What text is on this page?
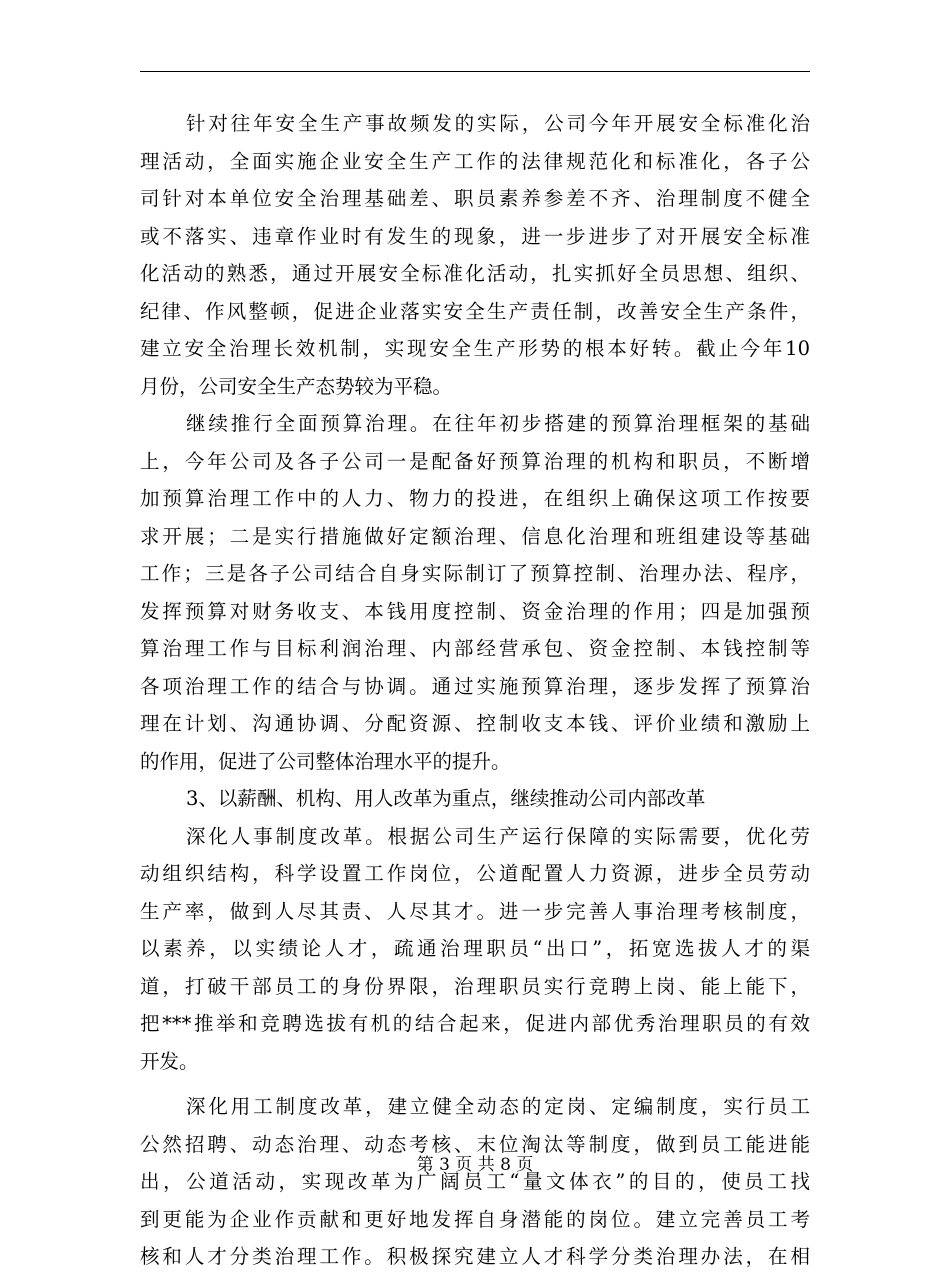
针对往年安全生产事故频发的实际，公司今年开展安全标准化治
理活动，全面实施企业安全生产工作的法律规范化和标准化，各子公
司针对本单位安全治理基础差、职员素养参差不齐、治理制度不健全
或不落实、违章作业时有发生的现象，进一步进步了对开展安全标准
化活动的熟悉，通过开展安全标准化活动，扎实抓好全员思想、组织、
纪律、作风整顿，促进企业落实安全生产责任制，改善安全生产条件，
建立安全治理长效机制，实现安全生产形势的根本好转。截止今年10
月份，公司安全生产态势较为平稳。
继续推行全面预算治理。在往年初步搭建的预算治理框架的基础
上，今年公司及各子公司一是配备好预算治理的机构和职员，不断增
加预算治理工作中的人力、物力的投进，在组织上确保这项工作按要
求开展；二是实行措施做好定额治理、信息化治理和班组建设等基础
工作；三是各子公司结合自身实际制订了预算控制、治理办法、程序，
发挥预算对财务收支、本钱用度控制、资金治理的作用；四是加强预
算治理工作与目标利润治理、内部经营承包、资金控制、本钱控制等
各项治理工作的结合与协调。通过实施预算治理，逐步发挥了预算治
理在计划、沟通协调、分配资源、控制收支本钱、评价业绩和激励上
的作用，促进了公司整体治理水平的提升。
3、以薪酬、机构、用人改革为重点，继续推动公司内部改革
深化人事制度改革。根据公司生产运行保障的实际需要，优化劳
动组织结构，科学设置工作岗位，公道配置人力资源，进步全员劳动
生产率，做到人尽其责、人尽其才。进一步完善人事治理考核制度，
以素养，以实绩论人才，疏通治理职员“出口”，拓宽选拔人才的渠
道，打破干部员工的身份界限，治理职员实行竞聘上岗、能上能下，
把***推举和竞聘选拔有机的结合起来，促进内部优秀治理职员的有效
开发。
深化用工制度改革，建立健全动态的定岗、定编制度，实行员工
公然招聘、动态治理、动态考核、末位淘汰等制度，做到员工能进能
出，公道活动，实现改革为广阔员工“量文体衣”的目的，使员工找
到更能为企业作贡献和更好地发挥自身潜能的岗位。建立完善员工考
核和人才分类治理工作。积极探究建立人才科学分类治理办法，在相
第 3 页 共 8 页
